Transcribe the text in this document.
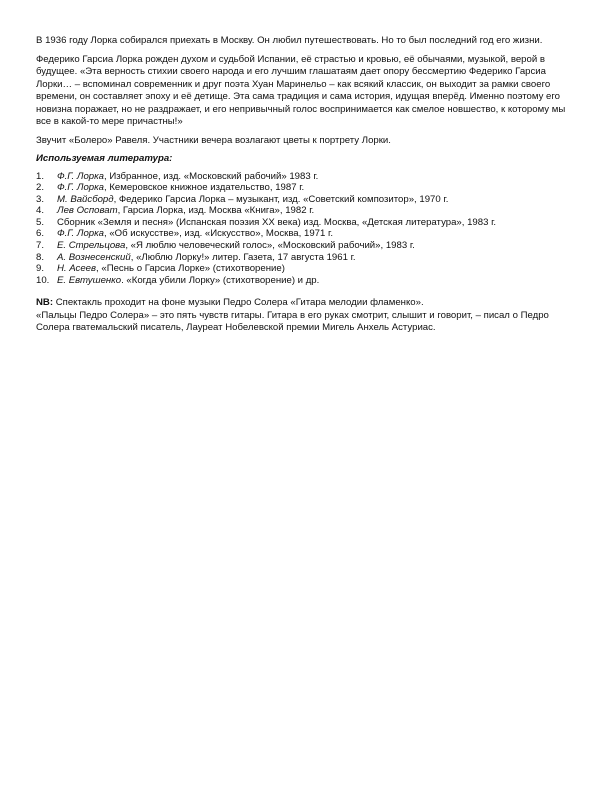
В 1936 году Лорка собирался приехать в Москву. Он любил путешествовать. Но то был последний год его жизни.

Федерико Гарсиа Лорка рожден духом и судьбой Испании, её страстью и кровью, её обычаями, музыкой, верой в будущее. «Эта верность стихии своего народа и его лучшим глашатаям дает опору бессмертию Федерико Гарсиа Лорки… – вспоминал современник и друг поэта Хуан Маринельо – как всякий классик, он выходит за рамки своего времени, он составляет эпоху и её детище. Эта сама традиция и сама история, идущая вперёд. Именно поэтому его новизна поражает, но не раздражает, и его непривычный голос воспринимается как смелое новшество, к которому мы все в какой-то мере причастны!»

Звучит «Болеро» Равеля. Участники вечера возлагают цветы к портрету Лорки.

Используемая литература:

1. Ф.Г. Лорка, Избранное, изд. «Московский рабочий» 1983 г.
2. Ф.Г. Лорка, Кемеровское книжное издательство, 1987 г.
3. М. Вайсборд, Федерико Гарсиа Лорка – музыкант, изд. «Советский композитор», 1970 г.
4. Лев Осповат, Гарсиа Лорка, изд. Москва «Книга», 1982 г.
5. Сборник «Земля и песня» (Испанская поэзия XX века) изд. Москва, «Детская литература», 1983 г.
6. Ф.Г. Лорка, «Об искусстве», изд. «Искусство», Москва, 1971 г.
7. Е. Стрельцова, «Я люблю человеческий голос», «Московский рабочий», 1983 г.
8. А. Вознесенский, «Люблю Лорку!» литер. Газета, 17 августа 1961 г.
9. Н. Асеев, «Песнь о Гарсиа Лорке» (стихотворение)
10. Е. Евтушенко. «Когда убили Лорку» (стихотворение) и др.

NB: Спектакль проходит на фоне музыки Педро Солера «Гитара мелодии фламенко».

«Пальцы Педро Солера» – это пять чувств гитары. Гитара в его руках смотрит, слышит и говорит, – писал о Педро Солера гватемальский писатель, Лауреат Нобелевской премии Мигель Анхель Астуриас.
